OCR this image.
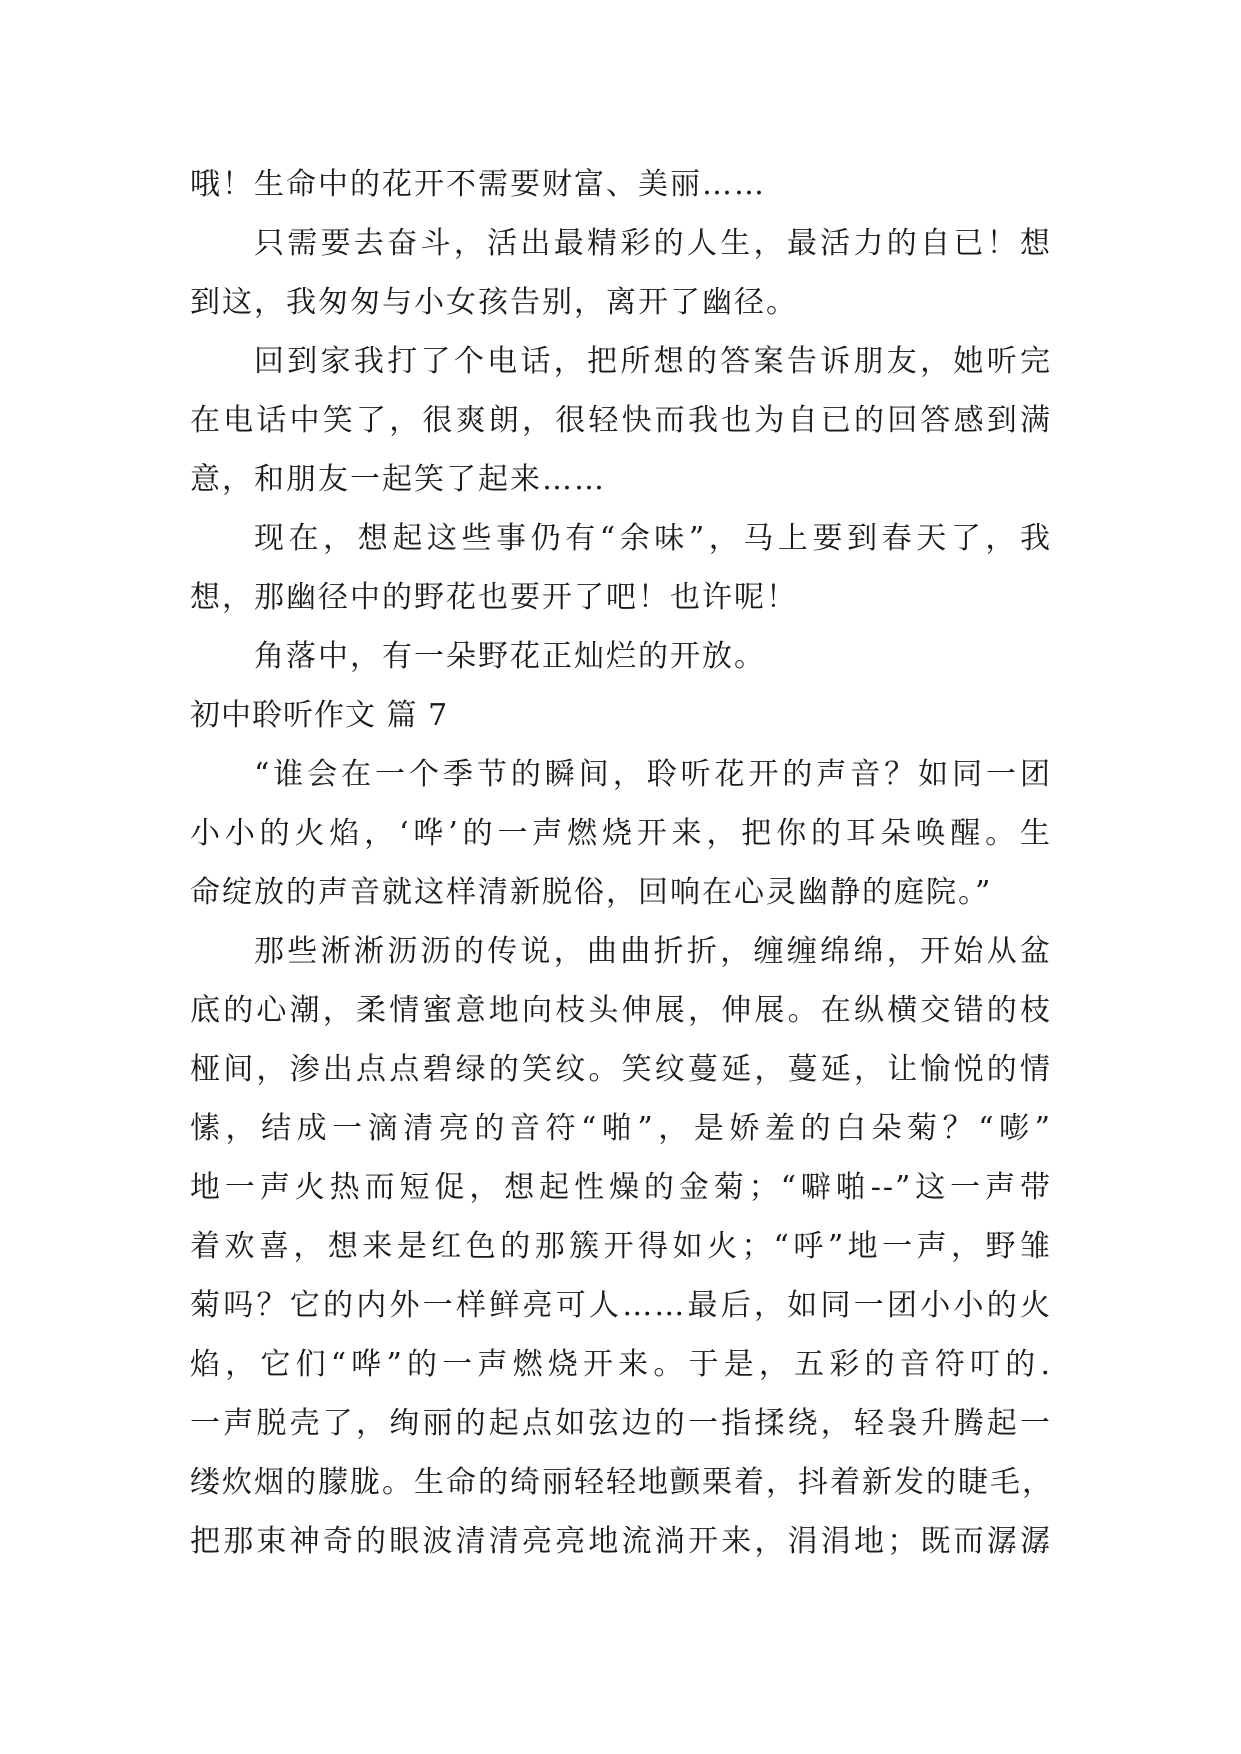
哦！生命中的花开不需要财富、美丽……
只需要去奋斗，活出最精彩的人生，最活力的自已！想
到这，我匆匆与小女孩告别，离开了幽径。
回到家我打了个电话，把所想的答案告诉朋友，她听完
在电话中笑了，很爽朗，很轻快而我也为自已的回答感到满
意，和朋友一起笑了起来……
现在，想起这些事仍有“余味”，马上要到春天了，我
想，那幽径中的野花也要开了吧！也许呢！
角落中，有一朵野花正灿烂的开放。
初中聆听作文 篇 7
“谁会在一个季节的瞬间，聆听花开的声音？如同一团
小小的火焰，‘哗’的一声燃烧开来，把你的耳朵唤醒。生
命绽放的声音就这样清新脱俗，回响在心灵幽静的庭院。”
那些淅淅沥沥的传说，曲曲折折，缠缠绵绵，开始从盆
底的心潮，柔情蜜意地向枝头伸展，伸展。在纵横交错的枝
桠间，渗出点点碧绿的笑纹。笑纹蔓延，蔓延，让愉悦的情
愫，结成一滴清亮的音符“啪”，是娇羞的白朵菊？“嘭”
地一声火热而短促，想起性燥的金菊；“噼啪--”这一声带
着欢喜，想来是红色的那簇开得如火；“呼”地一声，野雏
菊吗？它的内外一样鲜亮可人……最后，如同一团小小的火
焰，它们“哗”的一声燃烧开来。于是，五彩的音符叮的.
一声脱壳了，绚丽的起点如弦边的一指揉绕，轻袅升腾起一
缕炊烟的朦胧。生命的绮丽轻轻地颤栗着，抖着新发的睫毛，
把那束神奇的眼波清清亮亮地流淌开来，涓涓地；既而潺潺
